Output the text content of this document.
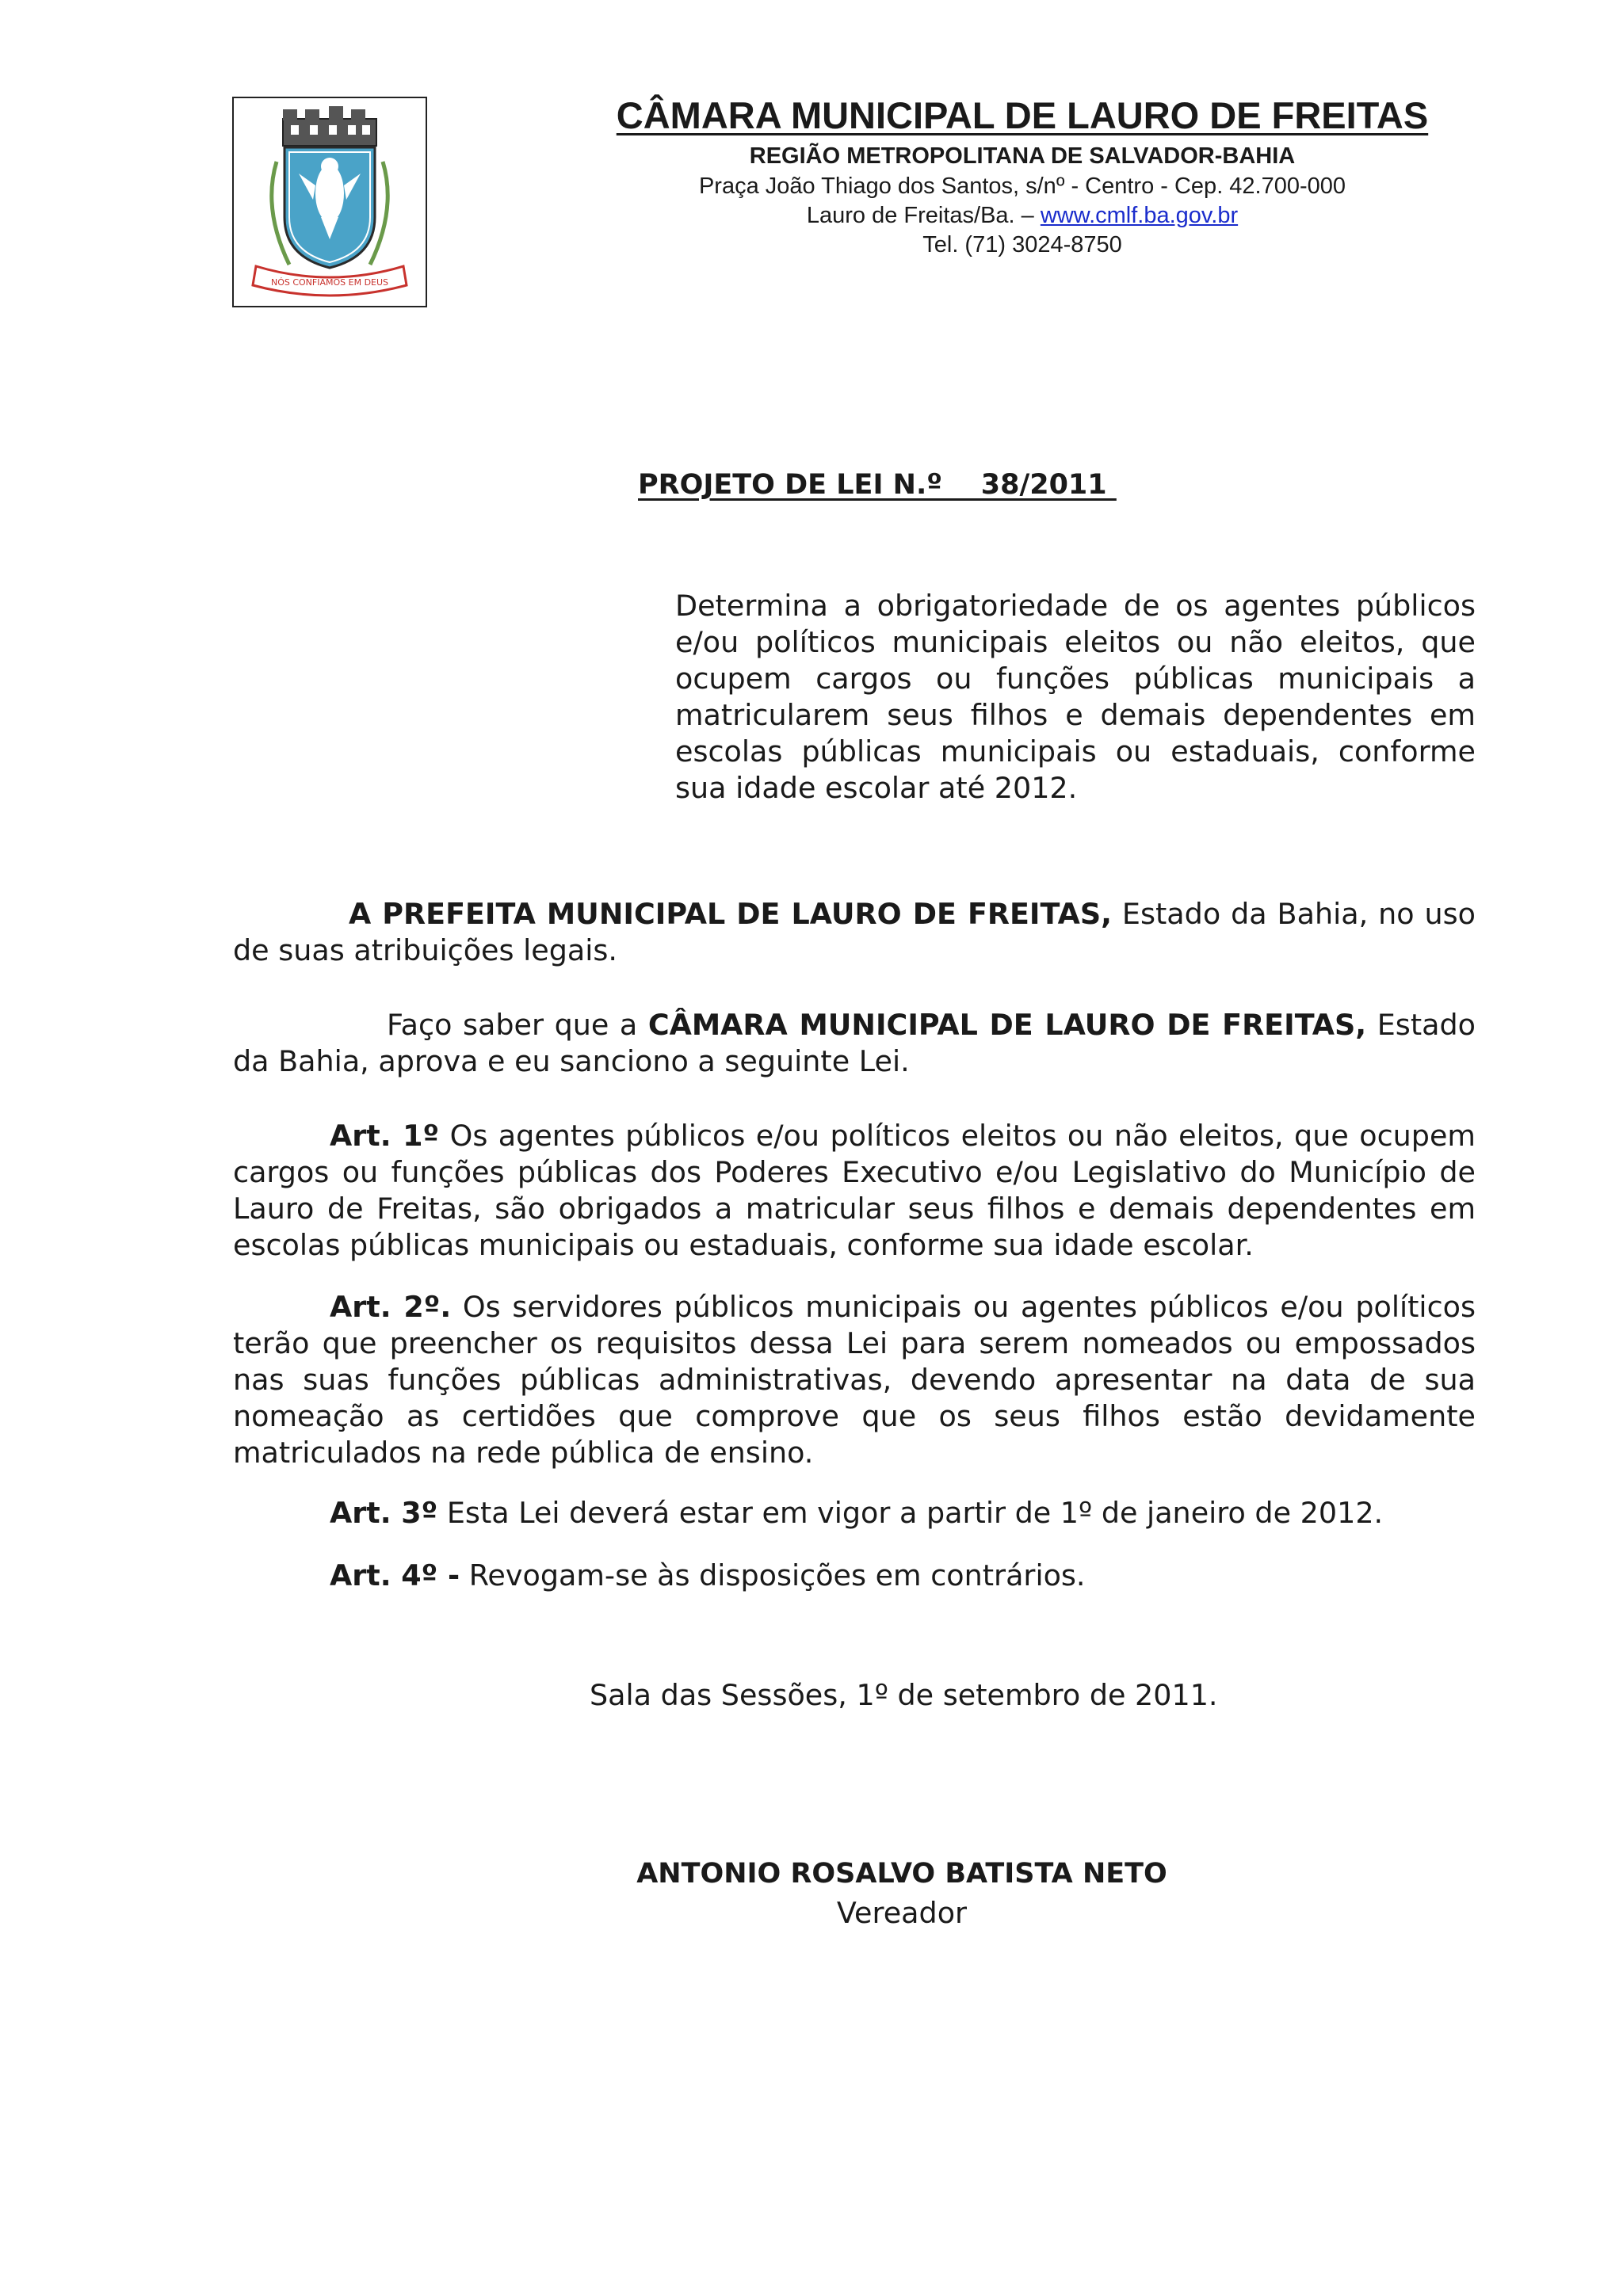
NÓS CONFIAMOS EM DEUS
CÂMARA MUNICIPAL DE LAURO DE FREITAS
REGIÃO METROPOLITANA DE SALVADOR-BAHIA
Praça João Thiago dos Santos, s/nº - Centro - Cep. 42.700-000
Lauro de Freitas/Ba. – www.cmlf.ba.gov.br
Tel. (71) 3024-8750
PROJETO DE LEI N.º    38/2011
Determina a obrigatoriedade de os agentes públicos e/ou políticos municipais eleitos ou não eleitos, que ocupem cargos ou funções públicas municipais a matricularem seus filhos e demais dependentes em escolas públicas municipais ou estaduais, conforme sua idade escolar até 2012.
A PREFEITA MUNICIPAL DE LAURO DE FREITAS, Estado da Bahia, no uso de suas atribuições legais.
Faço saber que a CÂMARA MUNICIPAL DE LAURO DE FREITAS, Estado da Bahia, aprova e eu sanciono a seguinte Lei.
Art. 1º Os agentes públicos e/ou políticos eleitos ou não eleitos, que ocupem cargos ou funções públicas dos Poderes Executivo e/ou Legislativo do Município de Lauro de Freitas, são obrigados a matricular seus filhos e demais dependentes em escolas públicas municipais ou estaduais, conforme sua idade escolar.
Art. 2º. Os servidores públicos municipais ou agentes públicos e/ou políticos terão que preencher os requisitos dessa Lei para serem nomeados ou empossados nas suas funções públicas administrativas, devendo apresentar na data de sua nomeação as certidões que comprove que os seus filhos estão devidamente matriculados na rede pública de ensino.
Art. 3º Esta Lei deverá estar em vigor a partir de 1º de janeiro de 2012.
Art. 4º - Revogam-se às disposições em contrários.
Sala das Sessões, 1º de setembro de 2011.
ANTONIO ROSALVO BATISTA NETO
Vereador
